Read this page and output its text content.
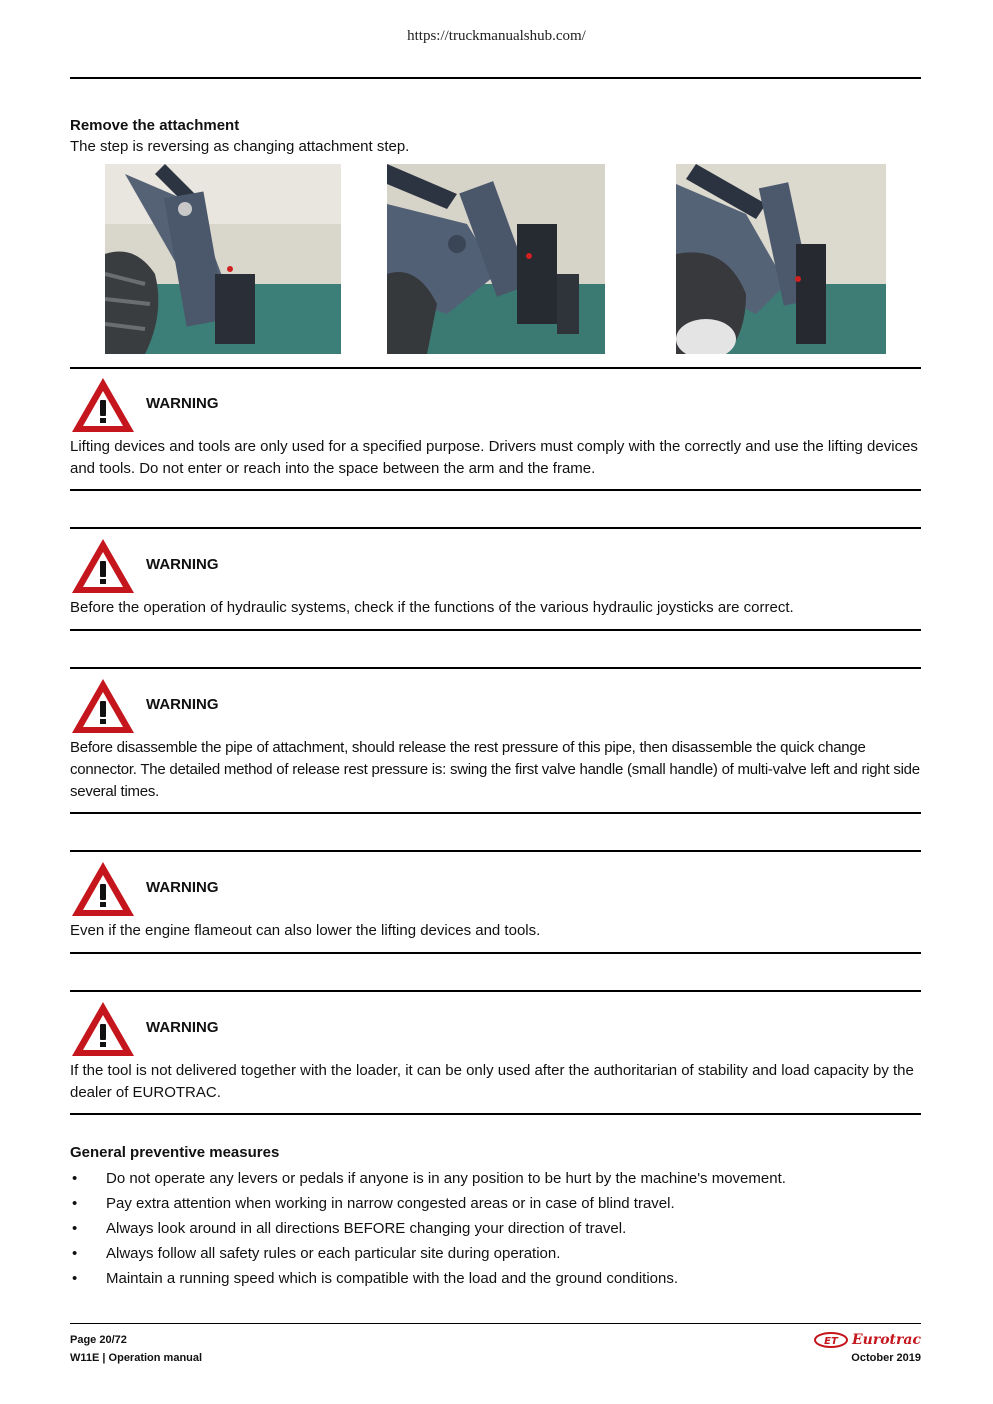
https://truckmanualshub.com/
Remove the attachment
The step is reversing as changing attachment step.
WARNING
Lifting devices and tools are only used for a specified purpose. Drivers must comply with the correctly and use the lifting devices and tools. Do not enter or reach into the space between the arm and the frame.
WARNING
Before the operation of hydraulic systems, check if the functions of the various hydraulic joysticks are correct.
WARNING
Before disassemble the pipe of attachment, should release the rest pressure of this pipe, then disassemble the quick change connector. The detailed method of release rest pressure is: swing the first valve handle (small handle) of multi-valve left and right side several times.
WARNING
Even if the engine flameout can also lower the lifting devices and tools.
WARNING
If the tool is not delivered together with the loader, it can be only used after the authoritarian of stability and load capacity by the dealer of EUROTRAC.
General preventive measures
• Do not operate any levers or pedals if anyone is in any position to be hurt by the machine's movement.
• Pay extra attention when working in narrow congested areas or in case of blind travel.
• Always look around in all directions BEFORE changing your direction of travel.
• Always follow all safety rules or each particular site during operation.
• Maintain a running speed which is compatible with the load and the ground conditions.
Page 20/72
W11E | Operation manual
ET Eurotrac
October 2019
